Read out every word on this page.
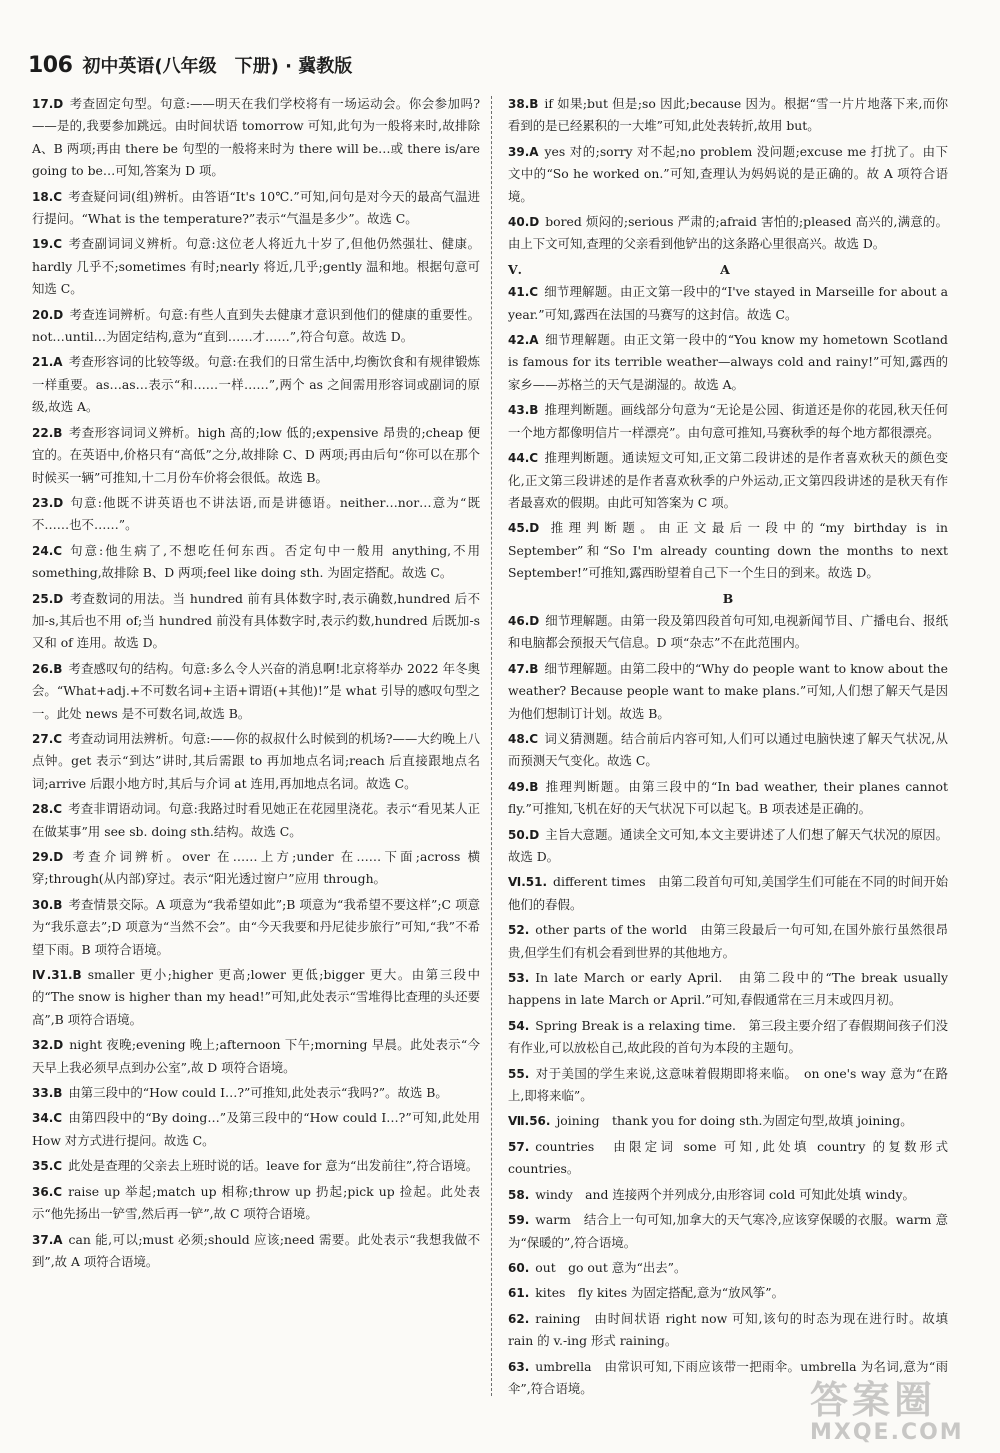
106 初中英语(八年级　下册) · 冀教版

17.D 考查固定句型。句意:——明天在我们学校将有一场运动会。你会参加吗?——是的,我要参加跳远。由时间状语 tomorrow 可知,此句为一般将来时,故排除 A、B 两项;再由 there be 句型的一般将来时为 there will be…或 there is/are going to be…可知,答案为 D 项。

18.C 考查疑问词(组)辨析。由答语“It's 10℃.”可知,问句是对今天的最高气温进行提问。“What is the temperature?”表示“气温是多少”。故选 C。

19.C 考查副词词义辨析。句意:这位老人将近九十岁了,但他仍然强壮、健康。hardly 几乎不;sometimes 有时;nearly 将近,几乎;gently 温和地。根据句意可知选 C。

20.D 考查连词辨析。句意:有些人直到失去健康才意识到他们的健康的重要性。not…until…为固定结构,意为“直到……才……”,符合句意。故选 D。

21.A 考查形容词的比较等级。句意:在我们的日常生活中,均衡饮食和有规律锻炼一样重要。as…as…表示“和……一样……”,两个 as 之间需用形容词或副词的原级,故选 A。

22.B 考查形容词词义辨析。high 高的;low 低的;expensive 昂贵的;cheap 便宜的。在英语中,价格只有“高低”之分,故排除 C、D 两项;再由后句“你可以在那个时候买一辆”可推知,十二月份车价将会很低。故选 B。

23.D 句意:他既不讲英语也不讲法语,而是讲德语。neither…nor…意为“既不……也不……”。

24.C 句意:他生病了,不想吃任何东西。否定句中一般用 anything,不用 something,故排除 B、D 两项;feel like doing sth. 为固定搭配。故选 C。

25.D 考查数词的用法。当 hundred 前有具体数字时,表示确数,hundred 后不加-s,其后也不用 of;当 hundred 前没有具体数字时,表示约数,hundred 后既加-s 又和 of 连用。故选 D。

26.B 考查感叹句的结构。句意:多么令人兴奋的消息啊!北京将举办 2022 年冬奥会。“What+adj.+不可数名词+主语+谓语(+其他)!”是 what 引导的感叹句型之一。此处 news 是不可数名词,故选 B。

27.C 考查动词用法辨析。句意:——你的叔叔什么时候到的机场?——大约晚上八点钟。get 表示“到达”讲时,其后需跟 to 再加地点名词;reach 后直接跟地点名词;arrive 后跟小地方时,其后与介词 at 连用,再加地点名词。故选 C。

28.C 考查非谓语动词。句意:我路过时看见她正在花园里浇花。表示“看见某人正在做某事”用 see sb. doing sth.结构。故选 C。

29.D 考查介词辨析。over 在……上方;under 在……下面;across 横穿;through(从内部)穿过。表示“阳光透过窗户”应用 through。

30.B 考查情景交际。A 项意为“我希望如此”;B 项意为“我希望不要这样”;C 项意为“我乐意去”;D 项意为“当然不会”。由“今天我要和丹尼徒步旅行”可知,“我”不希望下雨。B 项符合语境。

Ⅳ.31.B smaller 更小;higher 更高;lower 更低;bigger 更大。由第三段中的“The snow is higher than my head!”可知,此处表示“雪堆得比查理的头还要高”,B 项符合语境。

32.D night 夜晚;evening 晚上;afternoon 下午;morning 早晨。此处表示“今天早上我必须早点到办公室”,故 D 项符合语境。

33.B 由第三段中的“How could I…?”可推知,此处表示“我吗?”。故选 B。

34.C 由第四段中的“By doing…”及第三段中的“How could I…?”可知,此处用 How 对方式进行提问。故选 C。

35.C 此处是查理的父亲去上班时说的话。leave for 意为“出发前往”,符合语境。

36.C raise up 举起;match up 相称;throw up 扔起;pick up 捡起。此处表示“他先扬出一铲雪,然后再一铲”,故 C 项符合语境。

37.A can 能,可以;must 必须;should 应该;need 需要。此处表示“我想我做不到”,故 A 项符合语境。

38.B if 如果;but 但是;so 因此;because 因为。根据“雪一片片地落下来,而你看到的是已经累积的一大堆”可知,此处表转折,故用 but。

39.A yes 对的;sorry 对不起;no problem 没问题;excuse me 打扰了。由下文中的“So he worked on.”可知,查理认为妈妈说的是正确的。故 A 项符合语境。

40.D bored 烦闷的;serious 严肃的;afraid 害怕的;pleased 高兴的,满意的。由上下文可知,查理的父亲看到他铲出的这条路心里很高兴。故选 D。

Ⅴ.	A

41.C 细节理解题。由正文第一段中的“I've stayed in Marseille for about a year.”可知,露西在法国的马赛写的这封信。故选 C。

42.A 细节理解题。由正文第一段中的“You know my hometown Scotland is famous for its terrible weather—always cold and rainy!”可知,露西的家乡——苏格兰的天气是湖湿的。故选 A。

43.B 推理判断题。画线部分句意为“无论是公园、街道还是你的花园,秋天任何一个地方都像明信片一样漂亮”。由句意可推知,马赛秋季的每个地方都很漂亮。

44.C 推理判断题。通读短文可知,正文第二段讲述的是作者喜欢秋天的颜色变化,正文第三段讲述的是作者喜欢秋季的户外运动,正文第四段讲述的是秋天有作者最喜欢的假期。由此可知答案为 C 项。

45.D 推理判断题。由正文最后一段中的“my birthday is in September”和“So I'm already counting down the months to next September!”可推知,露西盼望着自己下一个生日的到来。故选 D。

B

46.D 细节理解题。由第一段及第四段首句可知,电视新闻节目、广播电台、报纸和电脑都会预报天气信息。D 项“杂志”不在此范围内。

47.B 细节理解题。由第二段中的“Why do people want to know about the weather? Because people want to make plans.”可知,人们想了解天气是因为他们想制订计划。故选 B。

48.C 词义猜测题。结合前后内容可知,人们可以通过电脑快速了解天气状况,从而预测天气变化。故选 C。

49.B 推理判断题。由第三段中的“In bad weather, their planes cannot fly.”可推知,飞机在好的天气状况下可以起飞。B 项表述是正确的。

50.D 主旨大意题。通读全文可知,本文主要讲述了人们想了解天气状况的原因。故选 D。

Ⅵ.51. different times　由第二段首句可知,美国学生们可能在不同的时间开始他们的春假。

52. other parts of the world　由第三段最后一句可知,在国外旅行虽然很昂贵,但学生们有机会看到世界的其他地方。

53. In late March or early April.　由第二段中的“The break usually happens in late March or April.”可知,春假通常在三月末或四月初。

54. Spring Break is a relaxing time.　第三段主要介绍了春假期间孩子们没有作业,可以放松自己,故此段的首句为本段的主题句。

55. 对于美国的学生来说,这意味着假期即将来临。　on one's way 意为“在路上,即将来临”。

Ⅶ.56. joining　thank you for doing sth.为固定句型,故填 joining。

57. countries　由限定词 some 可知,此处填 country 的复数形式 countries。

58. windy　and 连接两个并列成分,由形容词 cold 可知此处填 windy。

59. warm　结合上一句可知,加拿大的天气寒冷,应该穿保暖的衣服。warm 意为“保暖的”,符合语境。

60. out　go out 意为“出去”。

61. kites　fly kites 为固定搭配,意为“放风筝”。

62. raining　由时间状语 right now 可知,该句的时态为现在进行时。故填 rain 的 v.-ing 形式 raining。

63. umbrella　由常识可知,下雨应该带一把雨伞。umbrella 为名词,意为“雨伞”,符合语境。	答案圈
MXQE.COM
